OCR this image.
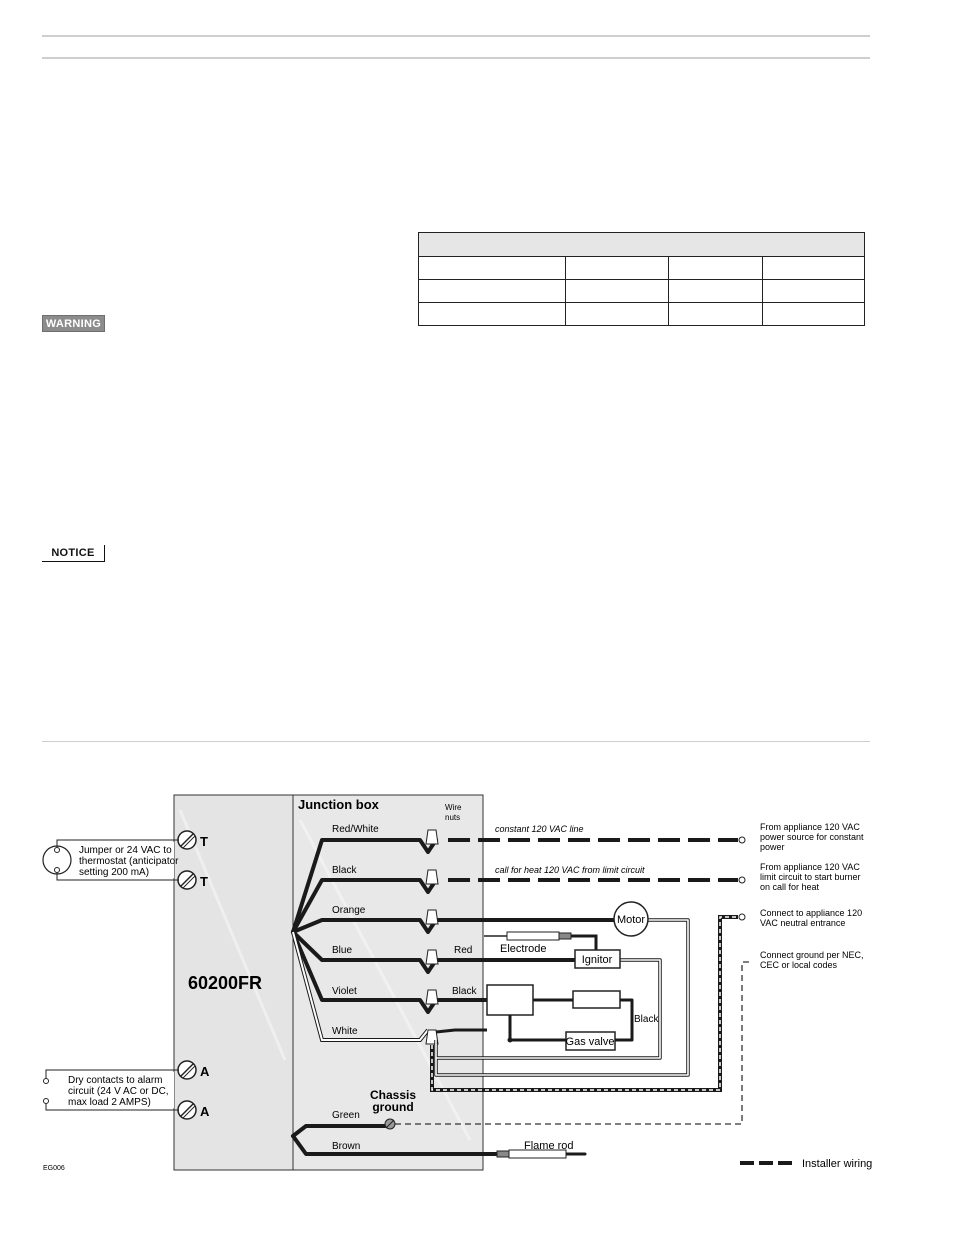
WARNING
NOTICE

Junction box	Wire
nuts
60200FR
T
T
A
A
Jumper or 24 VAC to
thermostat (anticipator
setting 200 mA)
Dry contacts to alarm
circuit (24 V AC or DC,
max load 2 AMPS)
Red/White
Black
Orange
Blue
Violet
White
Green
Brown
Red
Black
Black
constant 120 VAC line
call for heat 120 VAC from limit circuit
Motor
Electrode
Ignitor
Gas valve
Chassis
ground
Flame rod
From appliance 120 VAC
power source for constant
power
From appliance 120 VAC
limit circuit to start burner
on call for heat
Connect to appliance 120
VAC neutral entrance
Connect ground per NEC,
CEC or local codes
Installer wiring
EG006
